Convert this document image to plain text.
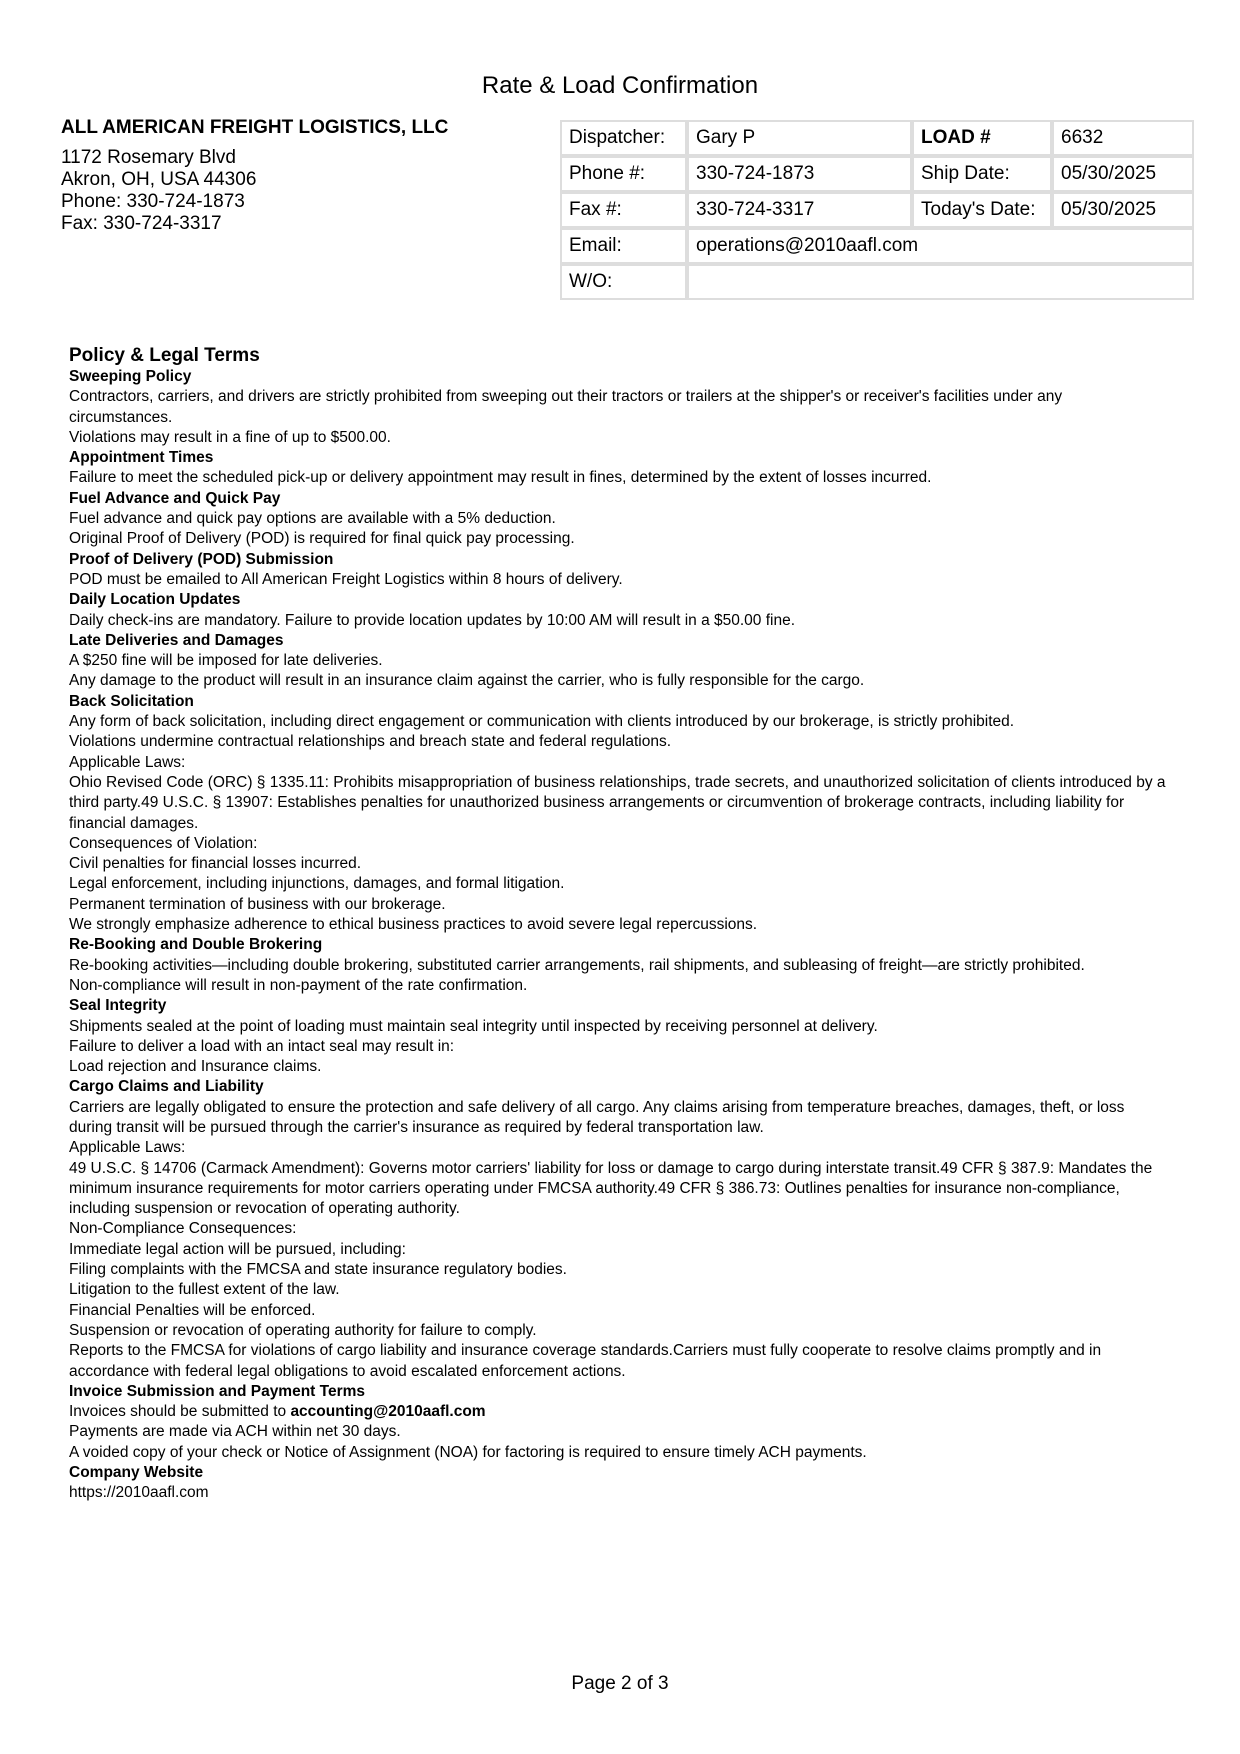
Rate & Load Confirmation
ALL AMERICAN FREIGHT LOGISTICS, LLC
1172 Rosemary Blvd
Akron, OH, USA 44306
Phone: 330-724-1873
Fax: 330-724-3317
Dispatcher:	Gary P	LOAD #	6632
Phone #:	330-724-1873	Ship Date:	05/30/2025
Fax #:	330-724-3317	Today's Date:	05/30/2025
Email:	operations@2010aafl.com		
W/O:			
Policy & Legal Terms
Sweeping Policy

Contractors, carriers, and drivers are strictly prohibited from sweeping out their tractors or trailers at the shipper's or receiver's facilities under any circumstances.

Violations may result in a fine of up to $500.00.

Appointment Times

Failure to meet the scheduled pick-up or delivery appointment may result in fines, determined by the extent of losses incurred.

Fuel Advance and Quick Pay

Fuel advance and quick pay options are available with a 5% deduction.

Original Proof of Delivery (POD) is required for final quick pay processing.

Proof of Delivery (POD) Submission

POD must be emailed to All American Freight Logistics within 8 hours of delivery.

Daily Location Updates

Daily check-ins are mandatory. Failure to provide location updates by 10:00 AM will result in a $50.00 fine.

Late Deliveries and Damages

A $250 fine will be imposed for late deliveries.

Any damage to the product will result in an insurance claim against the carrier, who is fully responsible for the cargo.

Back Solicitation

Any form of back solicitation, including direct engagement or communication with clients introduced by our brokerage, is strictly prohibited.

Violations undermine contractual relationships and breach state and federal regulations.

Applicable Laws:

Ohio Revised Code (ORC) § 1335.11: Prohibits misappropriation of business relationships, trade secrets, and unauthorized solicitation of clients introduced by a third party.49 U.S.C. § 13907: Establishes penalties for unauthorized business arrangements or circumvention of brokerage contracts, including liability for financial damages.

Consequences of Violation:

Civil penalties for financial losses incurred.

Legal enforcement, including injunctions, damages, and formal litigation.

Permanent termination of business with our brokerage.

We strongly emphasize adherence to ethical business practices to avoid severe legal repercussions.

Re-Booking and Double Brokering

Re-booking activities—including double brokering, substituted carrier arrangements, rail shipments, and subleasing of freight—are strictly prohibited.

Non-compliance will result in non-payment of the rate confirmation.

Seal Integrity

Shipments sealed at the point of loading must maintain seal integrity until inspected by receiving personnel at delivery.

Failure to deliver a load with an intact seal may result in:

Load rejection and Insurance claims.

Cargo Claims and Liability

Carriers are legally obligated to ensure the protection and safe delivery of all cargo. Any claims arising from temperature breaches, damages, theft, or loss during transit will be pursued through the carrier's insurance as required by federal transportation law.

Applicable Laws:

49 U.S.C. § 14706 (Carmack Amendment): Governs motor carriers' liability for loss or damage to cargo during interstate transit.49 CFR § 387.9: Mandates the minimum insurance requirements for motor carriers operating under FMCSA authority.49 CFR § 386.73: Outlines penalties for insurance non-compliance, including suspension or revocation of operating authority.

Non-Compliance Consequences:

Immediate legal action will be pursued, including:

Filing complaints with the FMCSA and state insurance regulatory bodies.

Litigation to the fullest extent of the law.

Financial Penalties will be enforced.

Suspension or revocation of operating authority for failure to comply.

Reports to the FMCSA for violations of cargo liability and insurance coverage standards.Carriers must fully cooperate to resolve claims promptly and in accordance with federal legal obligations to avoid escalated enforcement actions.

Invoice Submission and Payment Terms

Invoices should be submitted to accounting@2010aafl.com

Payments are made via ACH within net 30 days.

A voided copy of your check or Notice of Assignment (NOA) for factoring is required to ensure timely ACH payments.

Company Website

https://2010aafl.com

Page 2 of 3
